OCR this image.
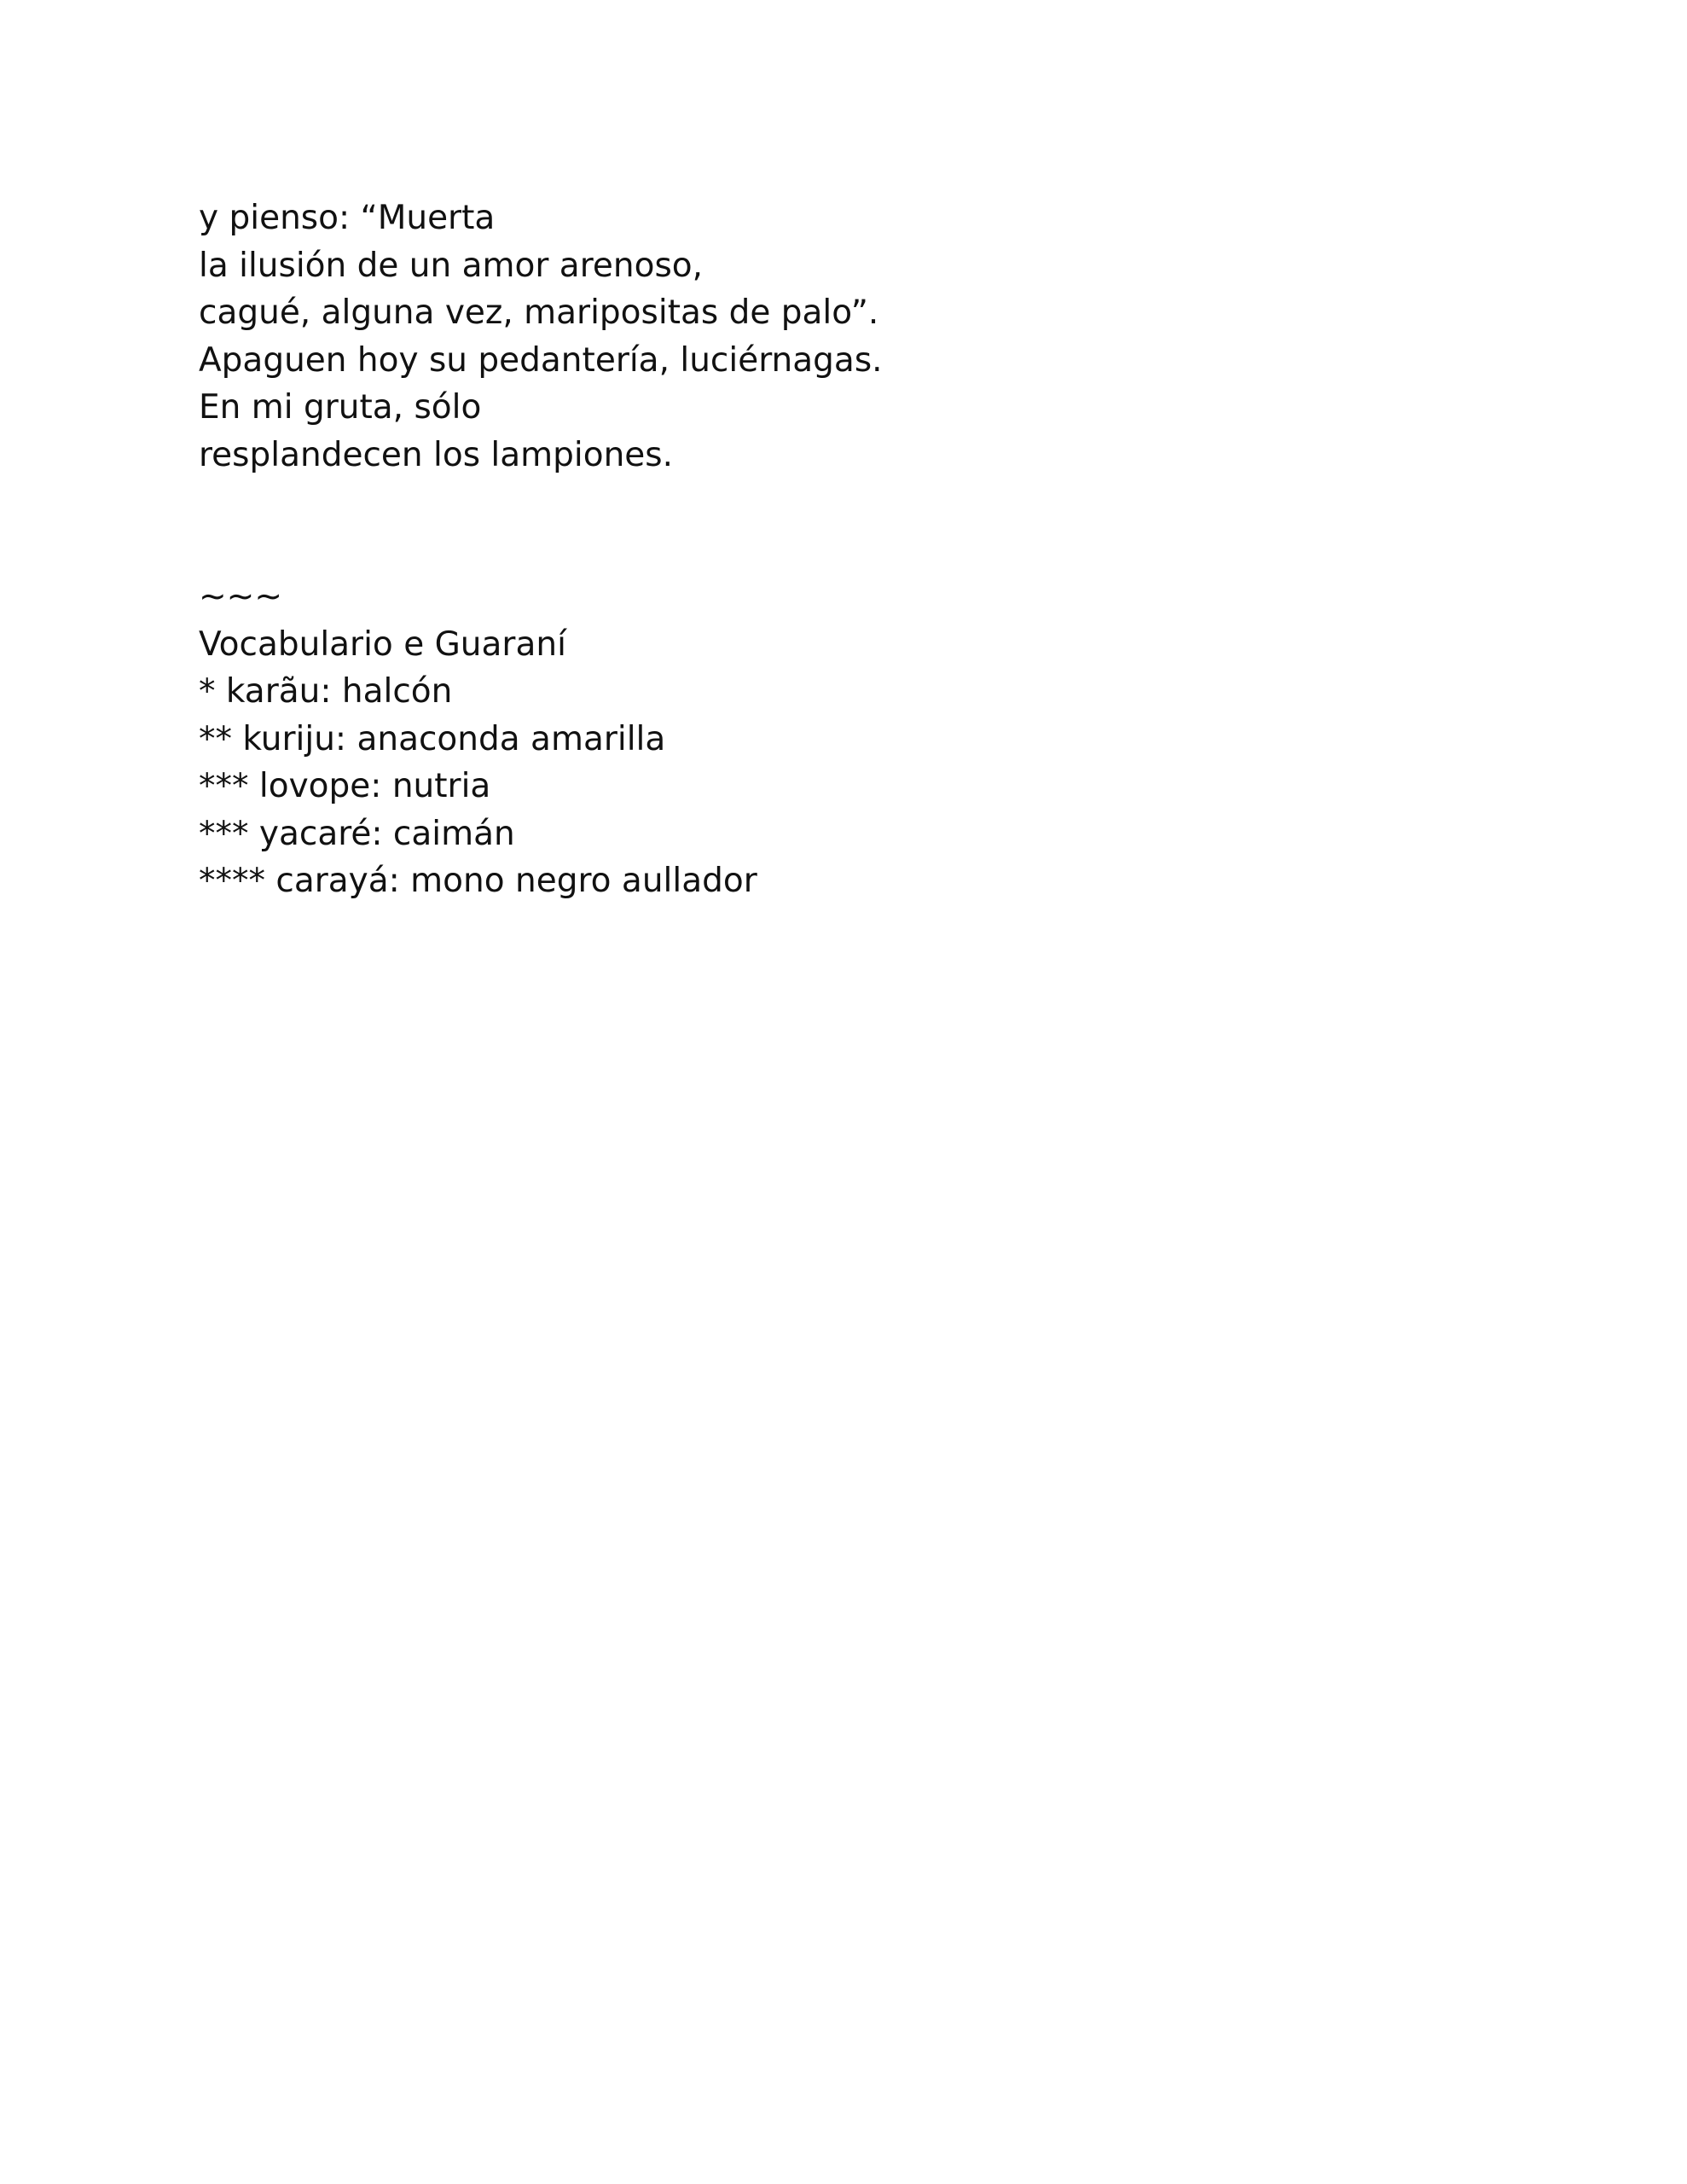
y pienso: “Muerta
la ilusión de un amor arenoso,
cagué, alguna vez, maripositas de palo”.
Apaguen hoy su pedantería, luciérnagas.
En mi gruta, sólo
resplandecen los lampiones.
~~~
Vocabulario e Guaraní
* karãu: halcón
** kuriju: anaconda amarilla
*** lovope: nutria
*** yacaré: caimán
**** carayá: mono negro aullador
